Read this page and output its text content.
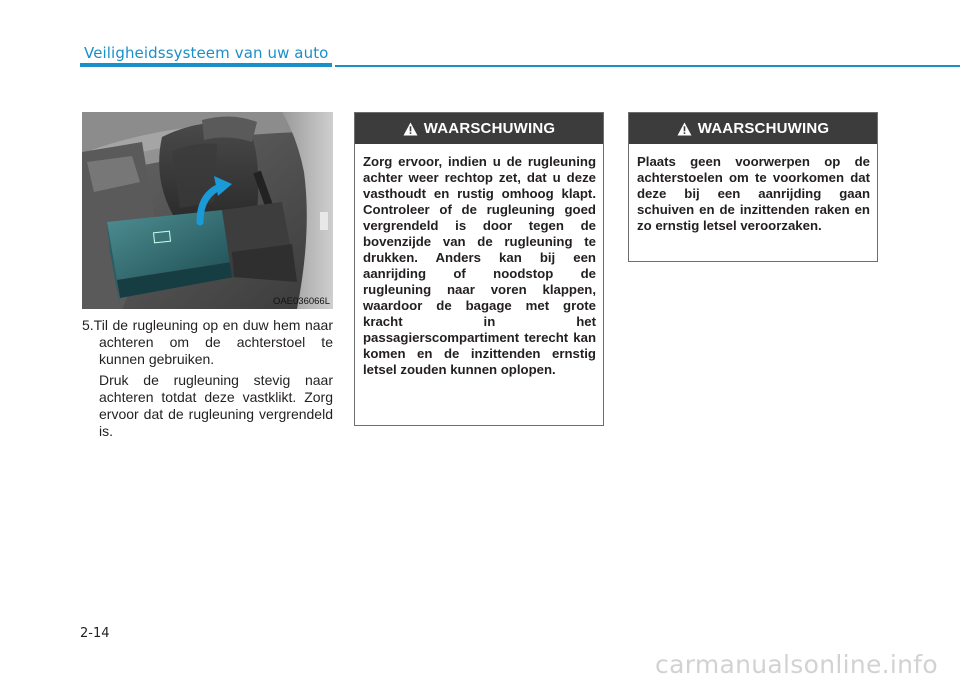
Veiligheidssysteem van uw auto
OAE036066L

5.Til de rugleuning op en duw hem naar achteren om de achterstoel te kunnen gebruiken.

Druk de rugleuning stevig naar achteren totdat deze vastklikt. Zorg ervoor dat de rugleuning vergrendeld is.

WAARSCHUWING
Zorg ervoor, indien u de rugleuning achter weer rechtop zet, dat u deze vasthoudt en rustig omhoog klapt. Controleer of de rugleuning goed vergrendeld is door tegen de bovenzijde van de rugleuning te drukken. Anders kan bij een aanrijding of noodstop de rugleuning naar voren klappen, waardoor de bagage met grote kracht in het passagierscompartiment terecht kan komen en de inzittenden ernstig letsel zouden kunnen oplopen.
WAARSCHUWING
Plaats geen voorwerpen op de achterstoelen om te voorkomen dat deze bij een aanrijding gaan schuiven en de inzittenden raken en zo ernstig letsel veroorzaken.
2-14
carmanualsonline.info
